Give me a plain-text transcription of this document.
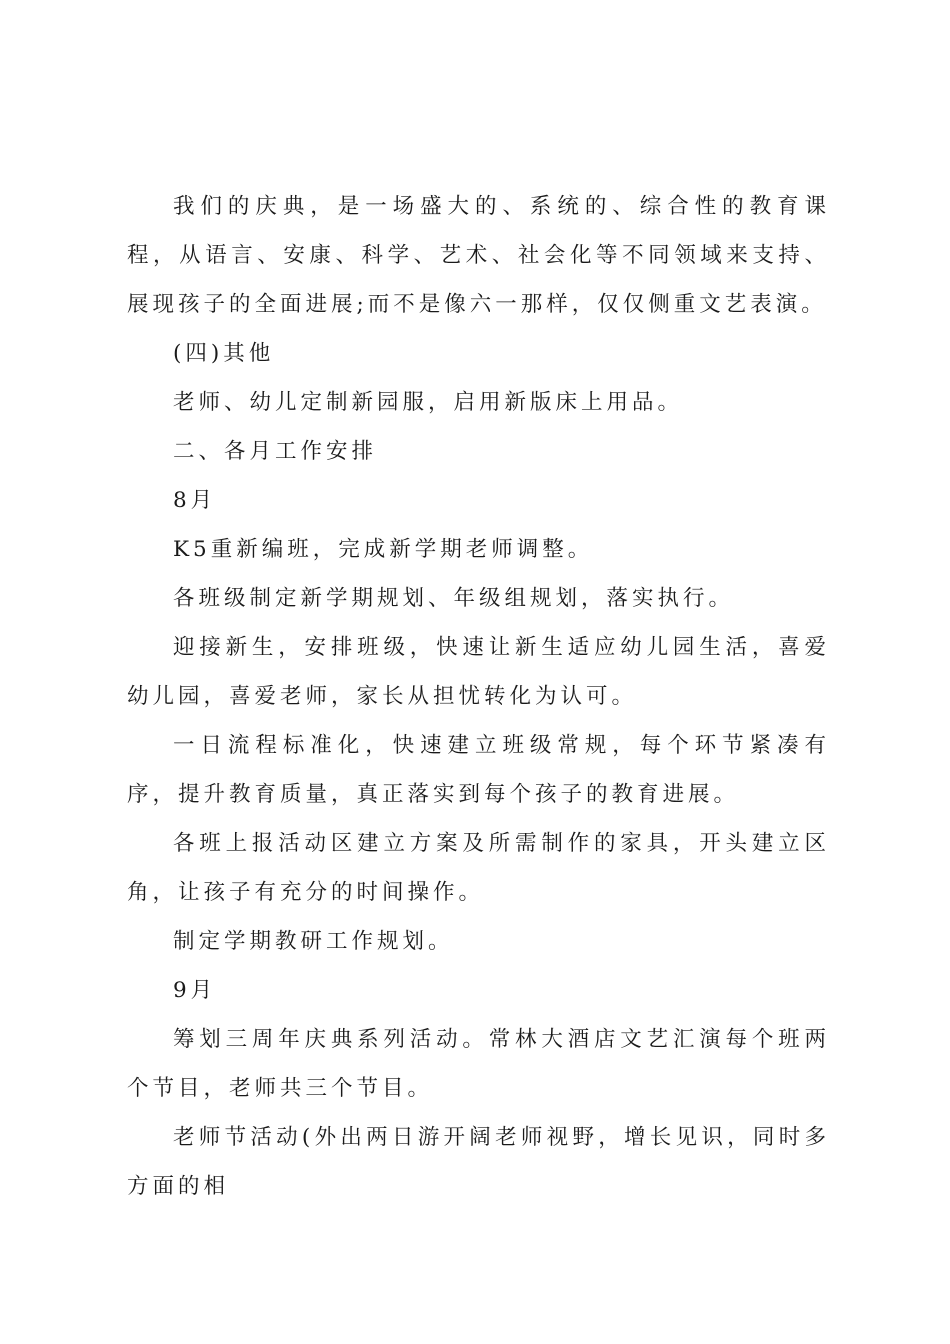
我们的庆典，是一场盛大的、系统的、综合性的教育课程，从语言、安康、科学、艺术、社会化等不同领域来支持、展现孩子的全面进展;而不是像六一那样，仅仅侧重文艺表演。

(四)其他

老师、幼儿定制新园服，启用新版床上用品。

二、各月工作安排

8月

K5重新编班，完成新学期老师调整。

各班级制定新学期规划、年级组规划，落实执行。

迎接新生，安排班级，快速让新生适应幼儿园生活，喜爱幼儿园，喜爱老师，家长从担忧转化为认可。

一日流程标准化，快速建立班级常规，每个环节紧凑有序，提升教育质量，真正落实到每个孩子的教育进展。

各班上报活动区建立方案及所需制作的家具，开头建立区角，让孩子有充分的时间操作。

制定学期教研工作规划。

9月

筹划三周年庆典系列活动。常林大酒店文艺汇演每个班两个节目，老师共三个节目。

老师节活动(外出两日游开阔老师视野，增长见识，同时多方面的相
